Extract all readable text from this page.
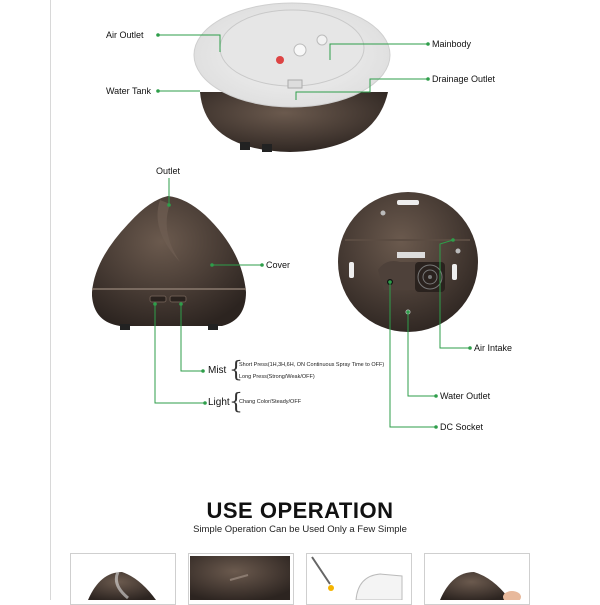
Air Outlet
Water Tank
Mainbody
Drainage Outlet
Outlet
Cover
Mist {
Short Press(1H,3H,6H, ON Continuous Spray Time to OFF)
Long Press(Strong/Weak/OFF)
Light {
Chang Color/Steady/OFF
Air Intake
Water Outlet
DC Socket
USE OPERATION
Simple Operation Can be Used Only a Few Simple
